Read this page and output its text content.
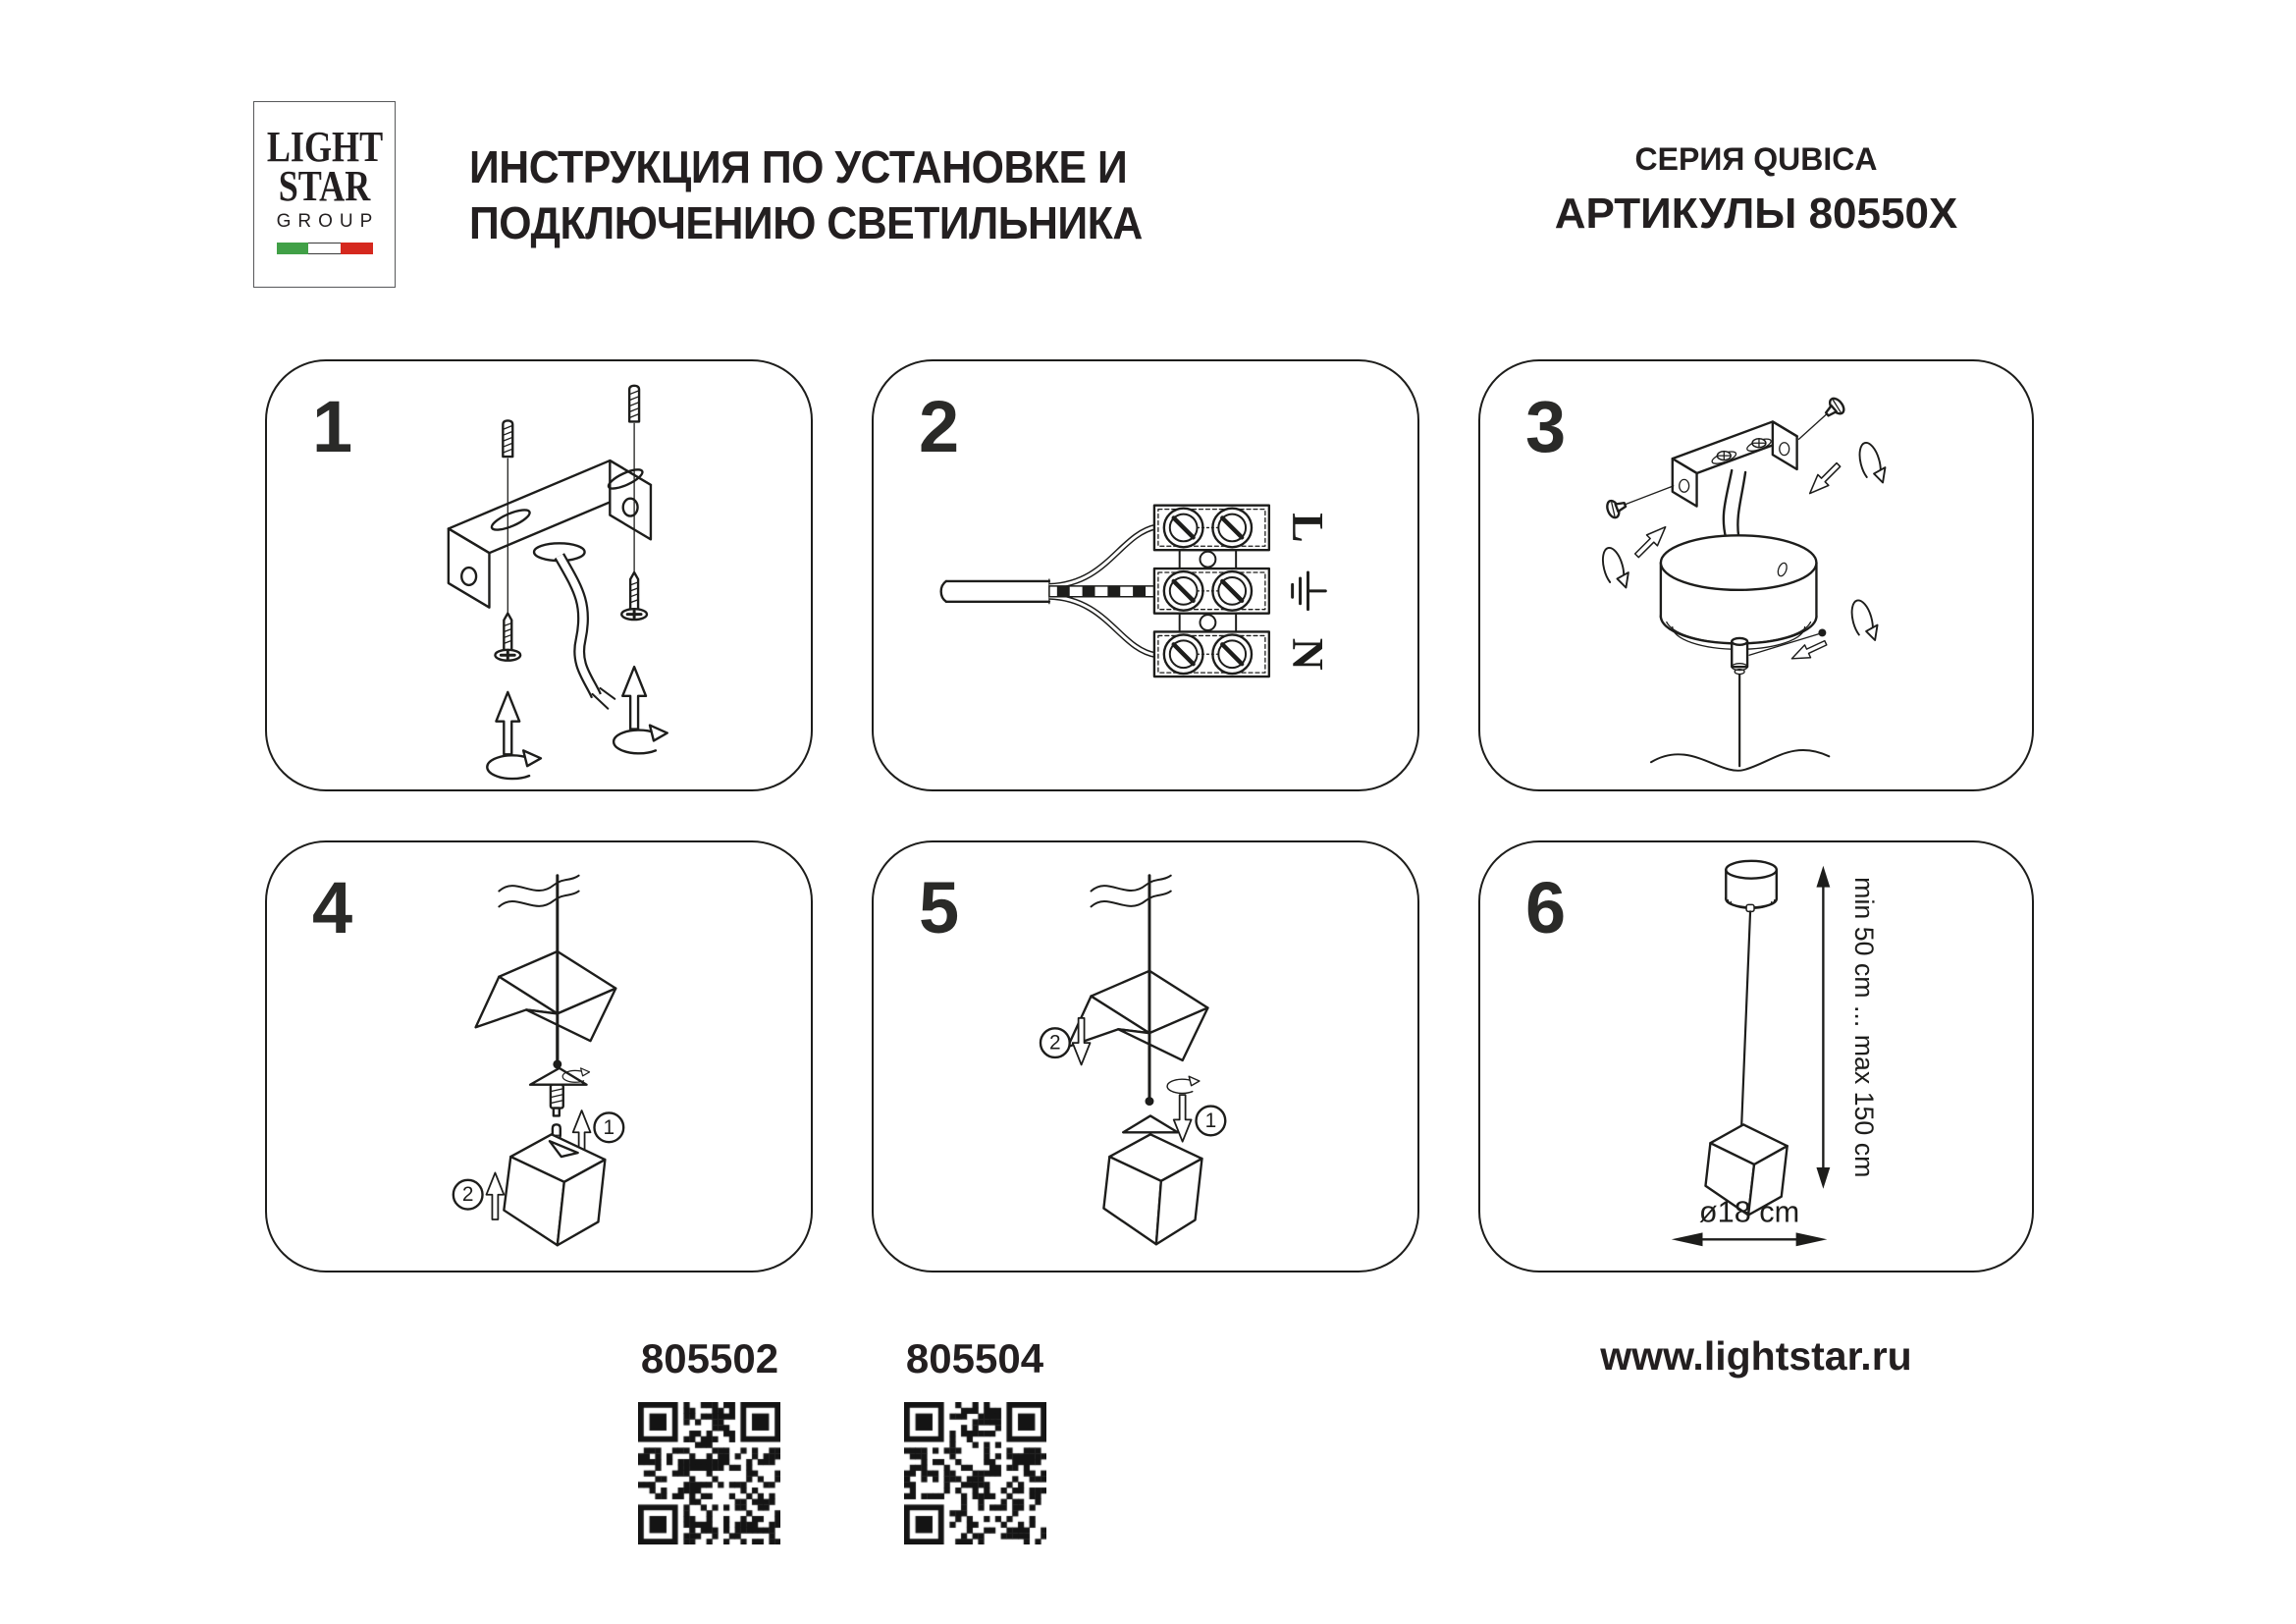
LIGHT
STAR
GROUP
ИНСТРУКЦИЯ ПО УСТАНОВКЕ И
ПОДКЛЮЧЕНИЮ СВЕТИЛЬНИКА
СЕРИЯ QUBICA
АРТИКУЛЫ 80550X
1	2
L
N
3
4
1
2
5
2
1
6	min 50 cm ... max 150 cm
ø18 cm
805502	805504	www.lightstar.ru
